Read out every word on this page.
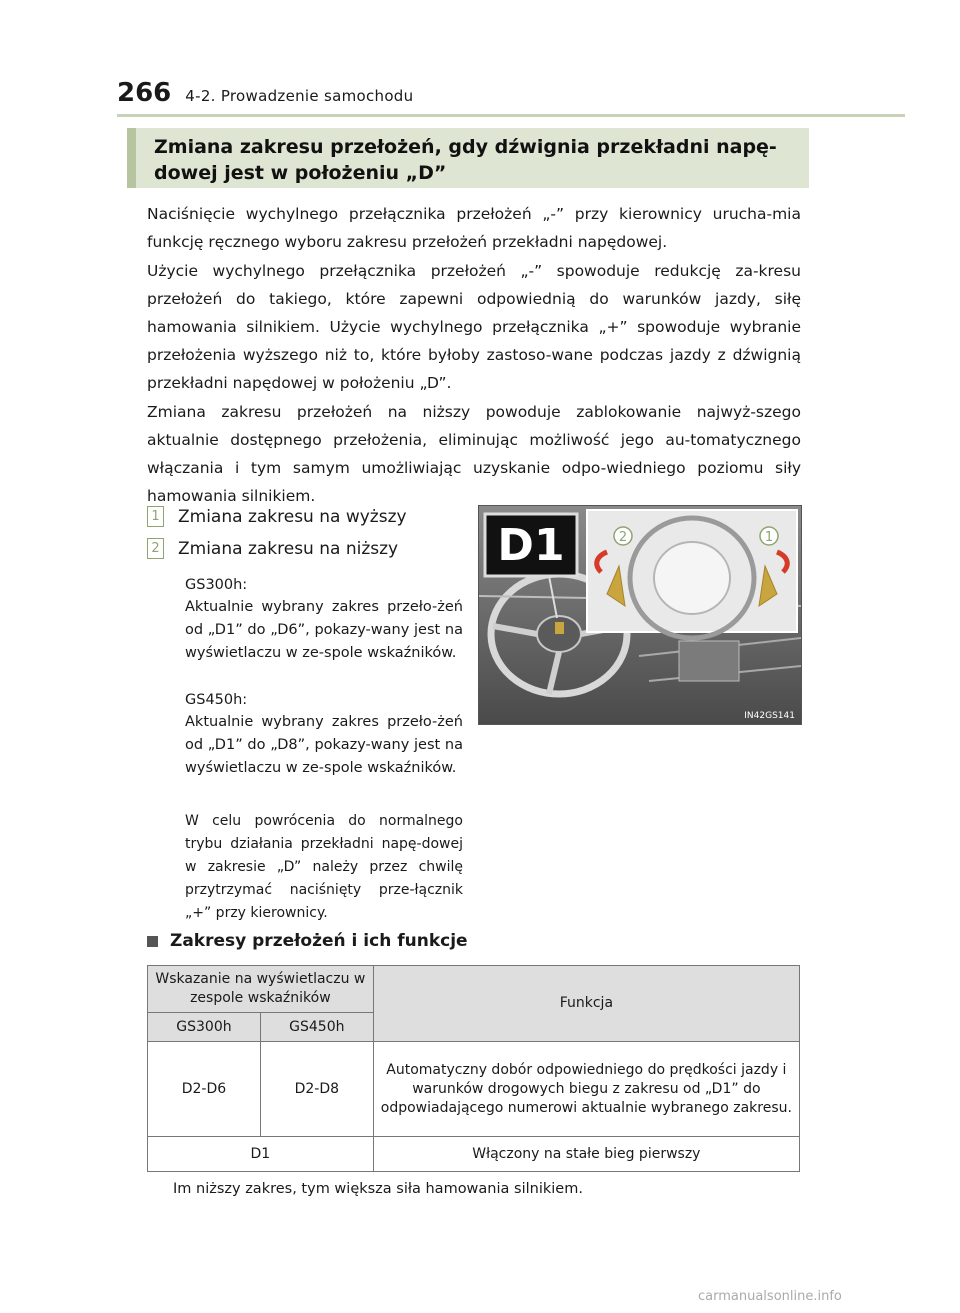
266 4-2. Prowadzenie samochodu
Zmiana zakresu przełożeń, gdy dźwignia przekładni napę-dowej jest w położeniu „D”

Naciśnięcie wychylnego przełącznika przełożeń „-” przy kierownicy urucha-mia funkcję ręcznego wyboru zakresu przełożeń przekładni napędowej.

Użycie wychylnego przełącznika przełożeń „-” spowoduje redukcję za-kresu przełożeń do takiego, które zapewni odpowiednią do warunków jazdy, siłę hamowania silnikiem. Użycie wychylnego przełącznika „+” spowoduje wybranie przełożenia wyższego niż to, które byłoby zastoso-wane podczas jazdy z dźwignią przekładni napędowej w położeniu „D”.

Zmiana zakresu przełożeń na niższy powoduje zablokowanie najwyż-szego aktualnie dostępnego przełożenia, eliminując możliwość jego au-tomatycznego włączania i tym samym umożliwiając uzyskanie odpo-wiedniego poziomu siły hamowania silnikiem.

1 Zmiana zakresu na wyższy
2 Zmiana zakresu na niższy
GS300h:

Aktualnie wybrany zakres przeło-żeń od „D1” do „D6”, pokazy-wany jest na wyświetlaczu w ze-spole wskaźników.

GS450h:

Aktualnie wybrany zakres przeło-żeń od „D1” do „D8”, pokazy-wany jest na wyświetlaczu w ze-spole wskaźników.

W celu powrócenia do normalnego trybu działania przekładni napę-dowej w zakresie „D” należy przez chwilę przytrzymać naciśnięty prze-łącznik „+” przy kierownicy.

D1	2	1
IN42GS141
Zakresy przełożeń i ich funkcje
Wskazanie na wyświetlaczu w zespole wskaźników		Funkcja
GS300h	GS450h	
D2-D6	D2-D8	Automatyczny dobór odpowiedniego do prędkości jazdy i warunków drogowych biegu z zakresu od „D1” do odpowiadającego numerowi aktualnie wybranego zakresu.
D1		Włączony na stałe bieg pierwszy
Im niższy zakres, tym większa siła hamowania silnikiem.
carmanualsonline.info
